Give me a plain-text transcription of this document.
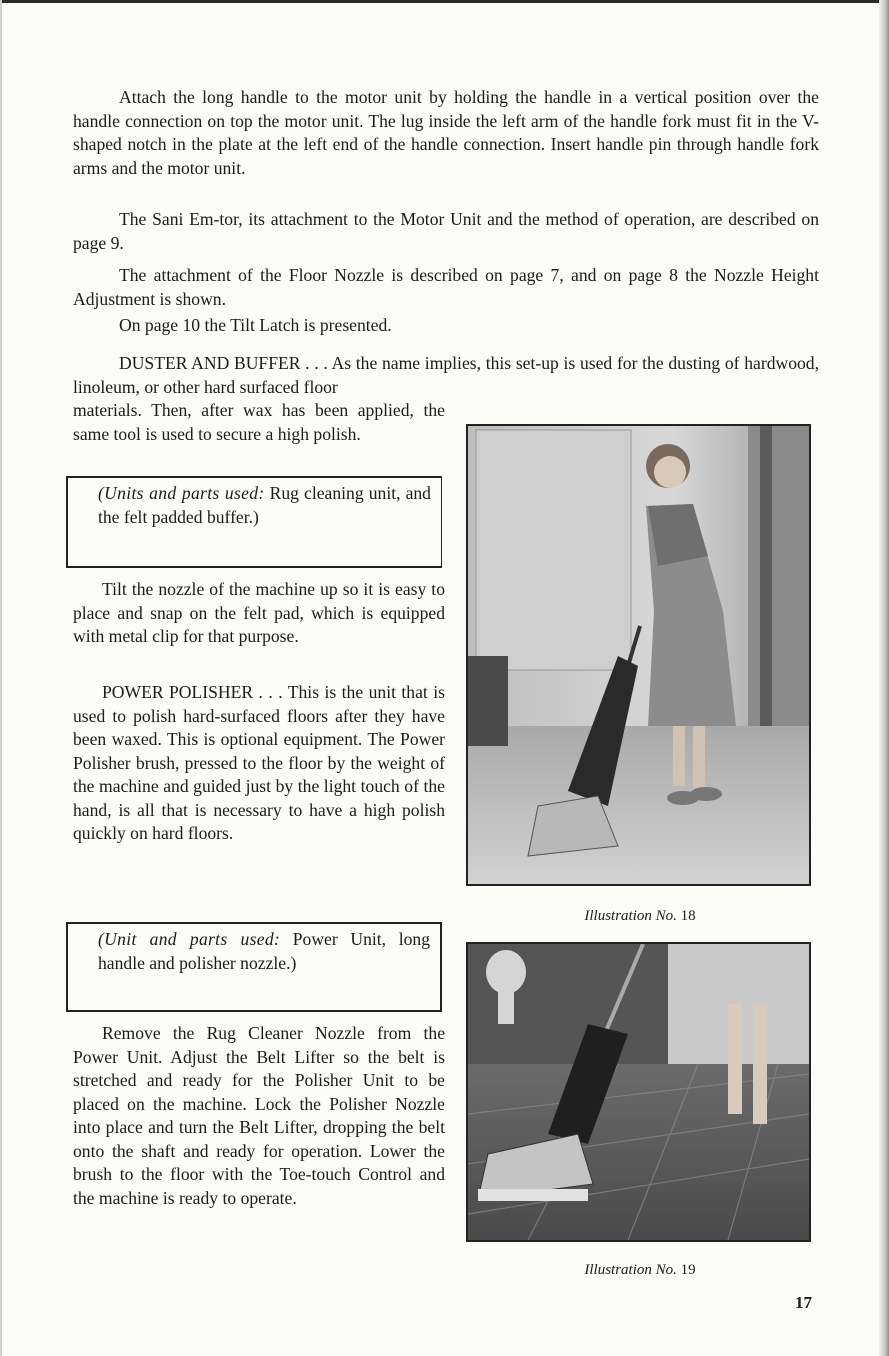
Attach the long handle to the motor unit by holding the handle in a vertical position over the handle connection on top the motor unit. The lug inside the left arm of the handle fork must fit in the V-shaped notch in the plate at the left end of the handle connection. Insert handle pin through handle fork arms and the motor unit.

The Sani Em-tor, its attachment to the Motor Unit and the method of operation, are described on page 9.

The attachment of the Floor Nozzle is described on page 7, and on page 8 the Nozzle Height Adjustment is shown.

On page 10 the Tilt Latch is presented.

DUSTER AND BUFFER . . . As the name implies, this set-up is used for the dusting of hardwood, linoleum, or other hard surfaced floor

materials. Then, after wax has been applied, the same tool is used to secure a high polish.

(Units and parts used: Rug cleaning unit, and the felt padded buffer.)

Tilt the nozzle of the machine up so it is easy to place and snap on the felt pad, which is equipped with metal clip for that purpose.

POWER POLISHER . . . This is the unit that is used to polish hard-surfaced floors after they have been waxed. This is optional equipment. The Power Polisher brush, pressed to the floor by the weight of the machine and guided just by the light touch of the hand, is all that is necessary to have a high polish quickly on hard floors.

(Unit and parts used: Power Unit, long handle and polisher nozzle.)

Remove the Rug Cleaner Nozzle from the Power Unit. Adjust the Belt Lifter so the belt is stretched and ready for the Polisher Unit to be placed on the machine. Lock the Polisher Nozzle into place and turn the Belt Lifter, dropping the belt onto the shaft and ready for operation. Lower the brush to the floor with the Toe-touch Control and the machine is ready to operate.

Illustration No. 18
Illustration No. 19
17
